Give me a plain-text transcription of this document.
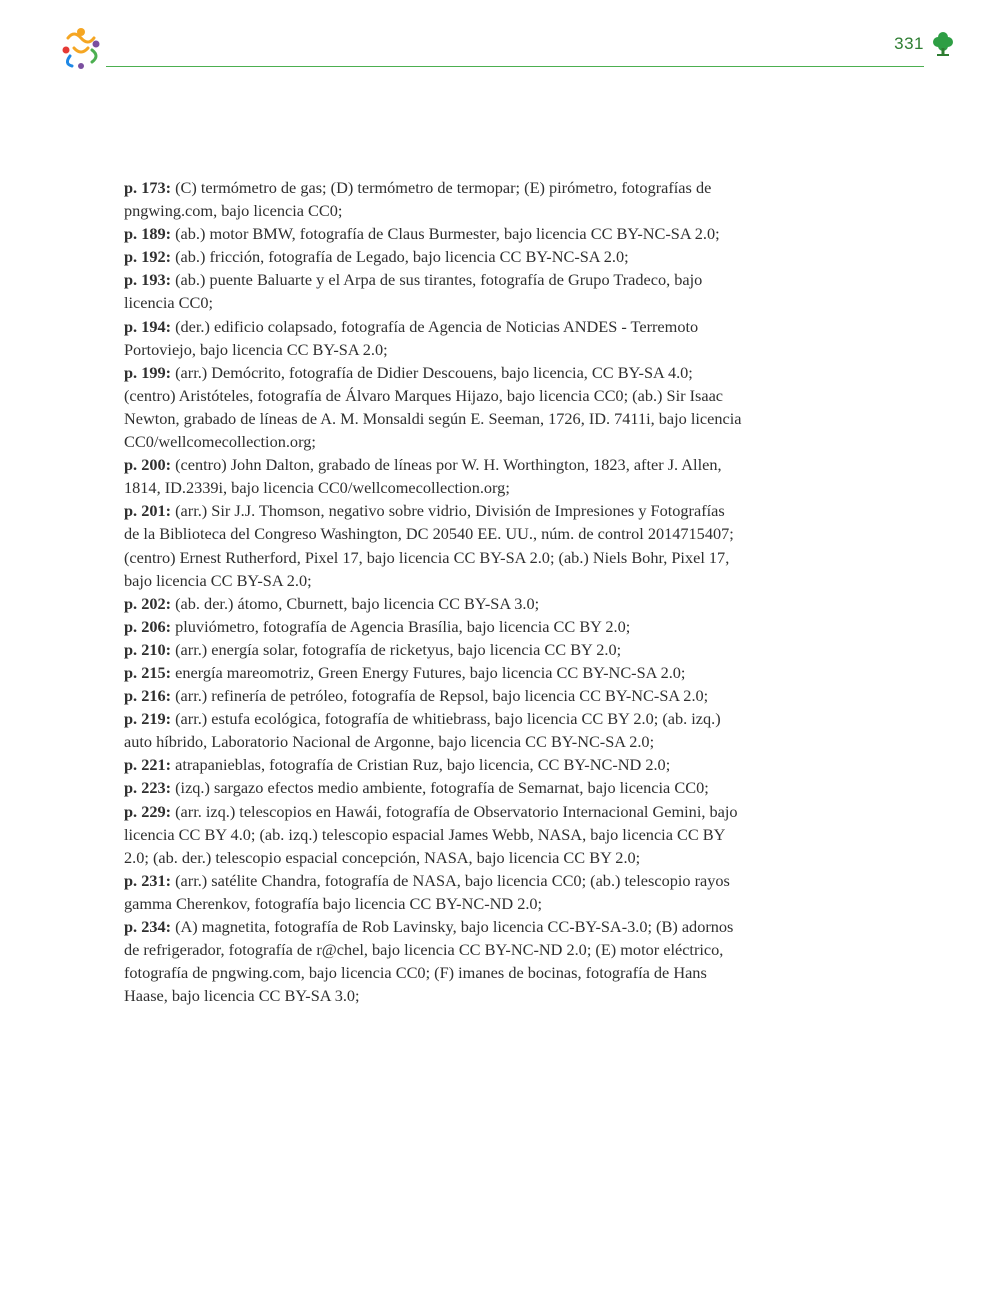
331

p. 173: (C) termómetro de gas; (D) termómetro de termopar; (E) pirómetro, fotografías de pngwing.com, bajo licencia CC0;

p. 189: (ab.) motor BMW, fotografía de Claus Burmester, bajo licencia CC BY-NC-SA 2.0;

p. 192: (ab.) fricción, fotografía de Legado, bajo licencia CC BY-NC-SA 2.0;

p. 193: (ab.) puente Baluarte y el Arpa de sus tirantes, fotografía de Grupo Tradeco, bajo licencia CC0;

p. 194: (der.) edificio colapsado, fotografía de Agencia de Noticias ANDES - Terremoto Portoviejo, bajo licencia CC BY-SA 2.0;

p. 199: (arr.) Demócrito, fotografía de Didier Descouens, bajo licencia, CC BY-SA 4.0; (centro) Aristóteles, fotografía de Álvaro Marques Hijazo, bajo licencia CC0; (ab.) Sir Isaac Newton, grabado de líneas de A. M. Monsaldi según E. Seeman, 1726, ID. 7411i, bajo licencia CC0/wellcomecollection.org;

p. 200: (centro) John Dalton, grabado de líneas por W. H. Worthington, 1823, after J. Allen, 1814, ID.2339i, bajo licencia CC0/wellcomecollection.org;

p. 201: (arr.) Sir J.J. Thomson, negativo sobre vidrio, División de Impresiones y Fotografías de la Biblioteca del Congreso Washington, DC 20540 EE. UU., núm. de control 2014715407; (centro) Ernest Rutherford, Pixel 17, bajo licencia CC BY-SA 2.0; (ab.) Niels Bohr, Pixel 17, bajo licencia CC BY-SA 2.0;

p. 202: (ab. der.) átomo, Cburnett, bajo licencia CC BY-SA 3.0;

p. 206: pluviómetro, fotografía de Agencia Brasília, bajo licencia CC BY 2.0;

p. 210: (arr.) energía solar, fotografía de ricketyus, bajo licencia CC BY 2.0;

p. 215: energía mareomotriz, Green Energy Futures, bajo licencia CC BY-NC-SA 2.0;

p. 216: (arr.) refinería de petróleo, fotografía de Repsol, bajo licencia CC BY-NC-SA 2.0;

p. 219: (arr.) estufa ecológica, fotografía de whitiebrass, bajo licencia CC BY 2.0; (ab. izq.) auto híbrido, Laboratorio Nacional de Argonne, bajo licencia CC BY-NC-SA 2.0;

p. 221: atrapanieblas, fotografía de Cristian Ruz, bajo licencia, CC BY-NC-ND 2.0;

p. 223: (izq.) sargazo efectos medio ambiente, fotografía de Semarnat, bajo licencia CC0;

p. 229: (arr. izq.) telescopios en Hawái, fotografía de Observatorio Internacional Gemini, bajo licencia CC BY 4.0; (ab. izq.) telescopio espacial James Webb, NASA, bajo licencia CC BY 2.0; (ab. der.) telescopio espacial concepción, NASA, bajo licencia CC BY 2.0;

p. 231: (arr.) satélite Chandra, fotografía de NASA, bajo licencia CC0; (ab.) telescopio rayos gamma Cherenkov, fotografía bajo licencia CC BY-NC-ND 2.0;

p. 234: (A) magnetita, fotografía de Rob Lavinsky, bajo licencia CC-BY-SA-3.0; (B) adornos de refrigerador, fotografía de r@chel, bajo licencia CC BY-NC-ND 2.0; (E) motor eléctrico, fotografía de pngwing.com, bajo licencia CC0; (F) imanes de bocinas, fotografía de Hans Haase, bajo licencia CC BY-SA 3.0;
